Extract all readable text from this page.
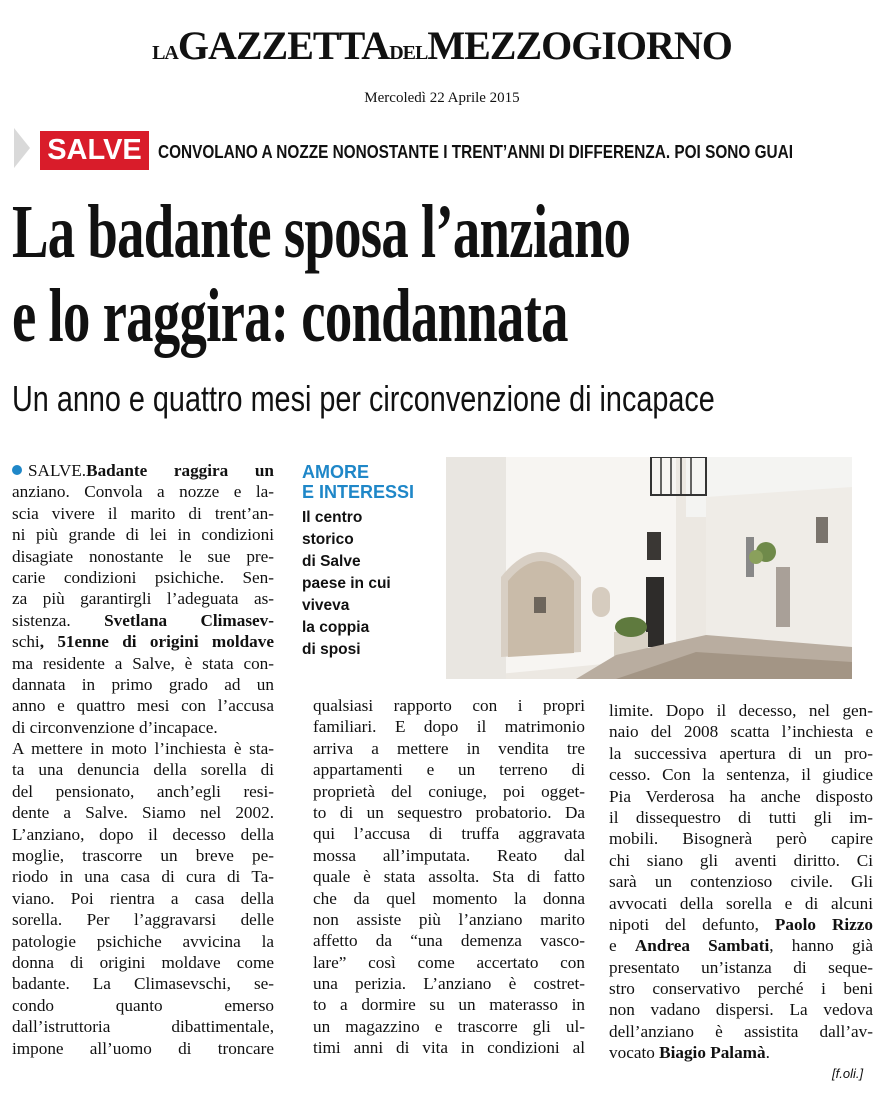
LAGAZZETTADELMEZZOGIORNO
Mercoledì 22 Aprile 2015
SALVE CONVOLANO A NOZZE NONOSTANTE I TRENT’ANNI DI DIFFERENZA. POI SONO GUAI
La badante sposa l’anziano
e lo raggira: condannata
Un anno e quattro mesi per circonvenzione di incapace
SALVE.Badante raggira un
anziano. Convola a nozze e la-
scia vivere il marito di trent’an-
ni più grande di lei in condizioni
disagiate nonostante le sue pre-
carie condizioni psichiche. Sen-
za più garantirgli l’adeguata as-
sistenza. Svetlana Climasev-
schi, 51enne di origini moldave
ma residente a Salve, è stata con-
dannata in primo grado ad un
anno e quattro mesi con l’accusa
di circonvenzione d’incapace.
A mettere in moto l’inchiesta è sta-
ta una denuncia della sorella di
del pensionato, anch’egli resi-
dente a Salve. Siamo nel 2002.
L’anziano, dopo il decesso della
moglie, trascorre un breve pe-
riodo in una casa di cura di Ta-
viano. Poi rientra a casa della
sorella. Per l’aggravarsi delle
patologie psichiche avvicina la
donna di origini moldave come
badante. La Climasevschi, se-
condo quanto emerso
dall’istruttoria dibattimentale,
impone all’uomo di troncare
AMORE
E INTERESSI
Il centro
storico
di Salve
paese in cui
viveva
la coppia
di sposi
qualsiasi rapporto con i propri
familiari. E dopo il matrimonio
arriva a mettere in vendita tre
appartamenti e un terreno di
proprietà del coniuge, poi ogget-
to di un sequestro probatorio. Da
qui l’accusa di truffa aggravata
mossa all’imputata. Reato dal
quale è stata assolta. Sta di fatto
che da quel momento la donna
non assiste più l’anziano marito
affetto da “una demenza vasco-
lare” così come accertato con
una perizia. L’anziano è costret-
to a dormire su un materasso in
un magazzino e trascorre gli ul-
timi anni di vita in condizioni al
limite. Dopo il decesso, nel gen-
naio del 2008 scatta l’inchiesta e
la successiva apertura di un pro-
cesso. Con la sentenza, il giudice
Pia Verderosa ha anche disposto
il dissequestro di tutti gli im-
mobili. Bisognerà però capire
chi siano gli aventi diritto. Ci
sarà un contenzioso civile. Gli
avvocati della sorella e di alcuni
nipoti del defunto, Paolo Rizzo
e Andrea Sambati, hanno già
presentato un’istanza di seque-
stro conservativo perché i beni
non vadano dispersi. La vedova
dell’anziano è assistita dall’av-
vocato Biagio Palamà.
[f.oli.]
